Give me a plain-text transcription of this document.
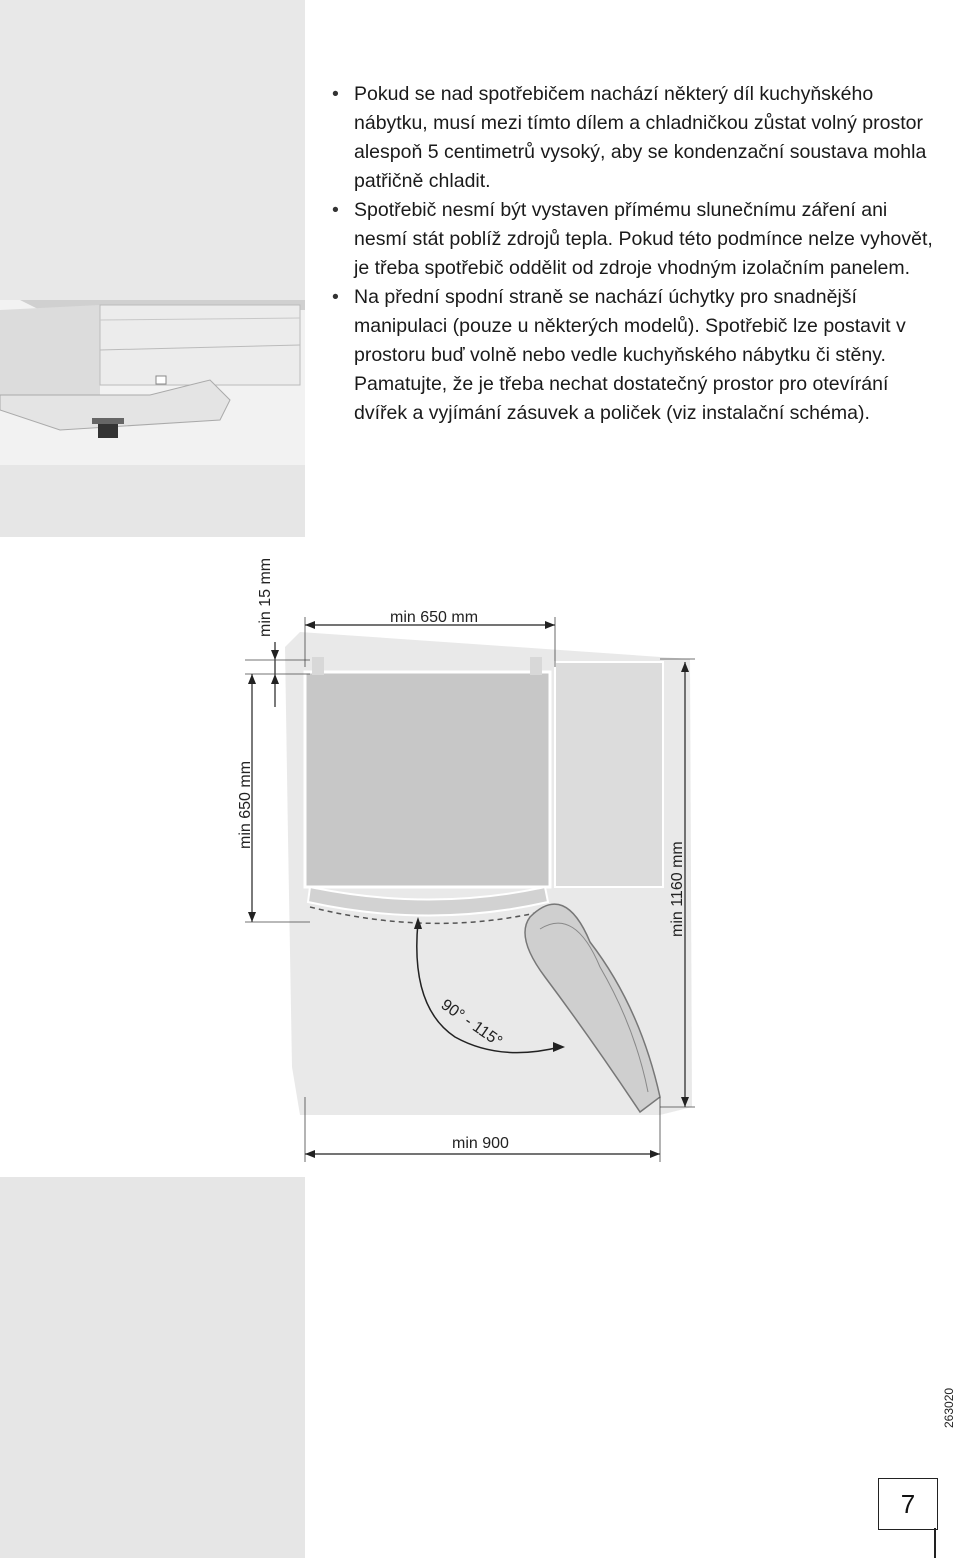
• Pokud se nad spotřebičem nachází některý díl kuchyňského nábytku, musí mezi tímto dílem a chladničkou zůstat volný prostor alespoň 5 centimetrů vysoký, aby se kondenzační soustava mohla patřičně chladit.
• Spotřebič nesmí být vystaven přímému slunečnímu záření ani nesmí stát poblíž zdrojů tepla. Pokud této podmínce nelze vyhovět, je třeba spotřebič oddělit od zdroje vhodným izolačním panelem.
• Na přední spodní straně se nachází úchytky pro snadnější manipulaci (pouze u některých modelů). Spotřebič lze postavit v prostoru buď volně nebo vedle kuchyňského nábytku či stěny. Pamatujte, že je třeba nechat dostatečný prostor pro otevírání dvířek a vyjímání zásuvek a poliček (viz instalační schéma).
90° - 115°
min 650 mm
min 15 mm
min 650 mm
min 1160 mm
min 900
263020
7
